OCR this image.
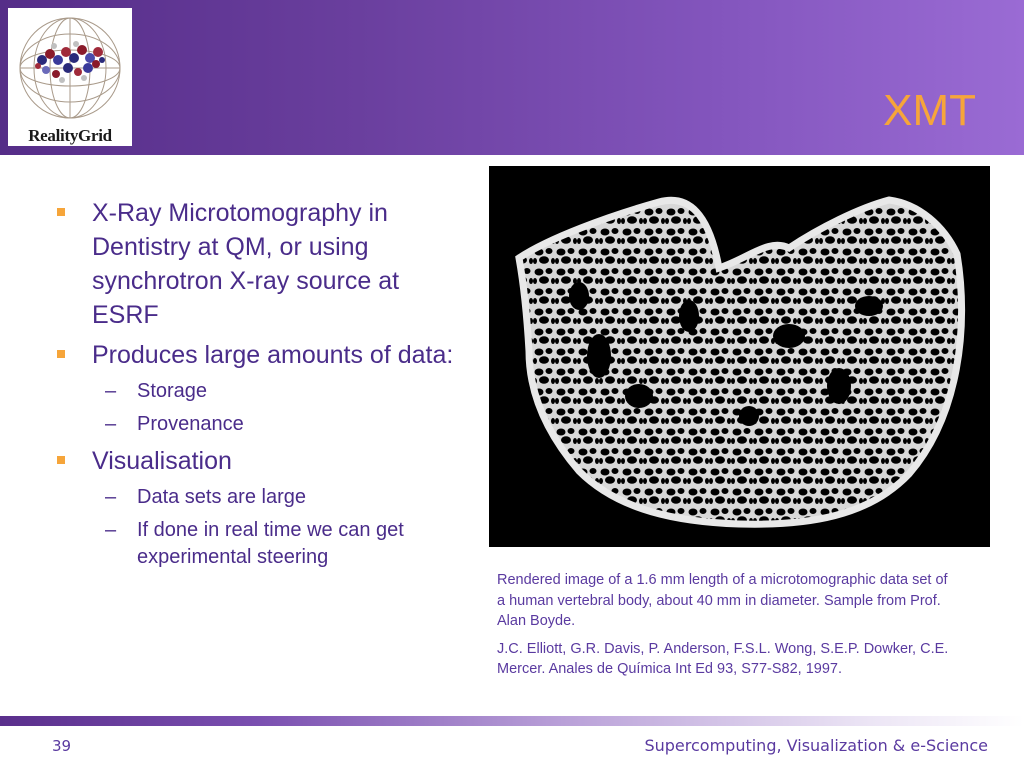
RealityGrid
XMT
X-Ray Microtomography in Dentistry at QM, or using synchrotron X-ray source at ESRF
Produces large amounts of data:
– Storage
– Provenance
Visualisation
– Data sets are large
– If done in real time we can get experimental steering

Rendered image of a 1.6 mm length of a microtomographic data set of a human vertebral body, about 40 mm in diameter. Sample from Prof. Alan Boyde.

J.C. Elliott, G.R. Davis, P. Anderson, F.S.L. Wong, S.E.P. Dowker, C.E. Mercer. Anales de Química Int Ed 93, S77-S82, 1997.

39	Supercomputing, Visualization & e-Science
